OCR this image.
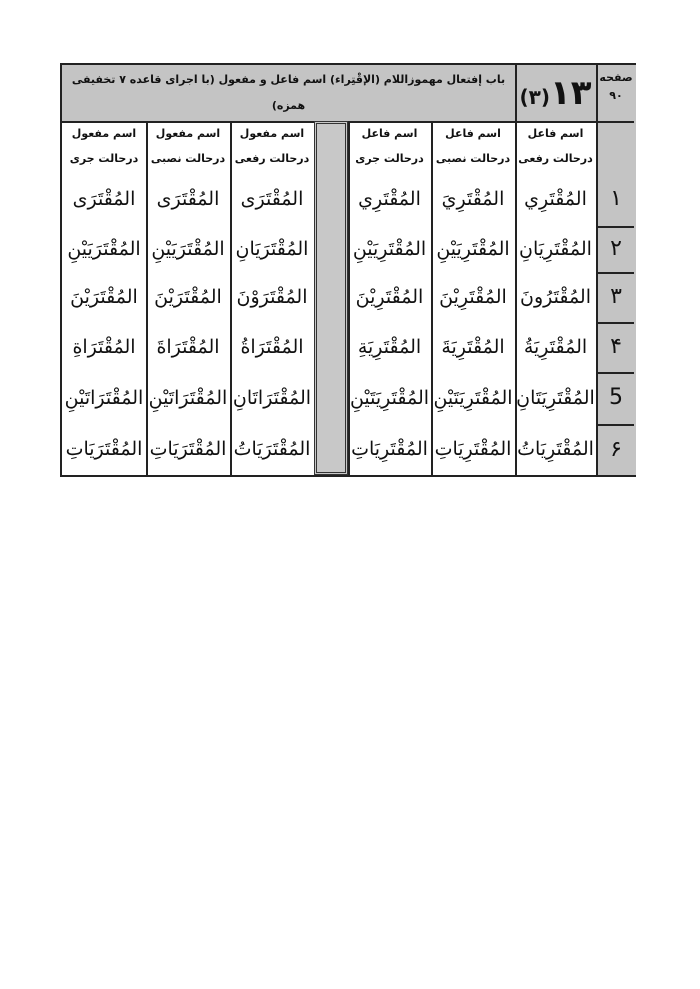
صفحه
۹۰
۱۳(۳)
باب إفتعال مهموزاللام (الإقْتِراء) اسم فاعل و مفعول (با اجرای قاعده ۷ تخفیفی همزه)
اسم فاعل
درحالت رفعی
اسم فاعل
درحالت نصبی
اسم فاعل
درحالت جری
اسم مفعول
درحالت رفعی
اسم مفعول
درحالت نصبی
اسم مفعول
درحالت جری
۱
المُقْتَرِي
المُقْتَرِيَ
المُقْتَرِي
المُقْتَرَى
المُقْتَرَى
المُقْتَرَى
۲
المُقْتَرِيَانِ
المُقْتَرِيَيْنِ
المُقْتَرِيَيْنِ
المُقْتَرَيَانِ
المُقْتَرَيَيْنِ
المُقْتَرَيَيْنِ
۳
المُقْتَرُونَ
المُقْتَرِيْنَ
المُقْتَرِيْنَ
المُقْتَرَوْنَ
المُقْتَرَيْنَ
المُقْتَرَيْنَ
۴
المُقْتَرِيَةُ
المُقْتَرِيَةَ
المُقْتَرِيَةِ
المُقْتَرَاةُ
المُقْتَرَاةَ
المُقْتَرَاةِ
5
المُقْتَرِيَتَانِ
المُقْتَرِيَتَيْنِ
المُقْتَرِيَتَيْنِ
المُقْتَرَاتَانِ
المُقْتَرَاتَيْنِ
المُقْتَرَاتَيْنِ
۶
المُقْتَرِيَاتُ
المُقْتَرِيَاتِ
المُقْتَرِيَاتِ
المُقْتَرَيَاتُ
المُقْتَرَيَاتِ
المُقْتَرَيَاتِ
